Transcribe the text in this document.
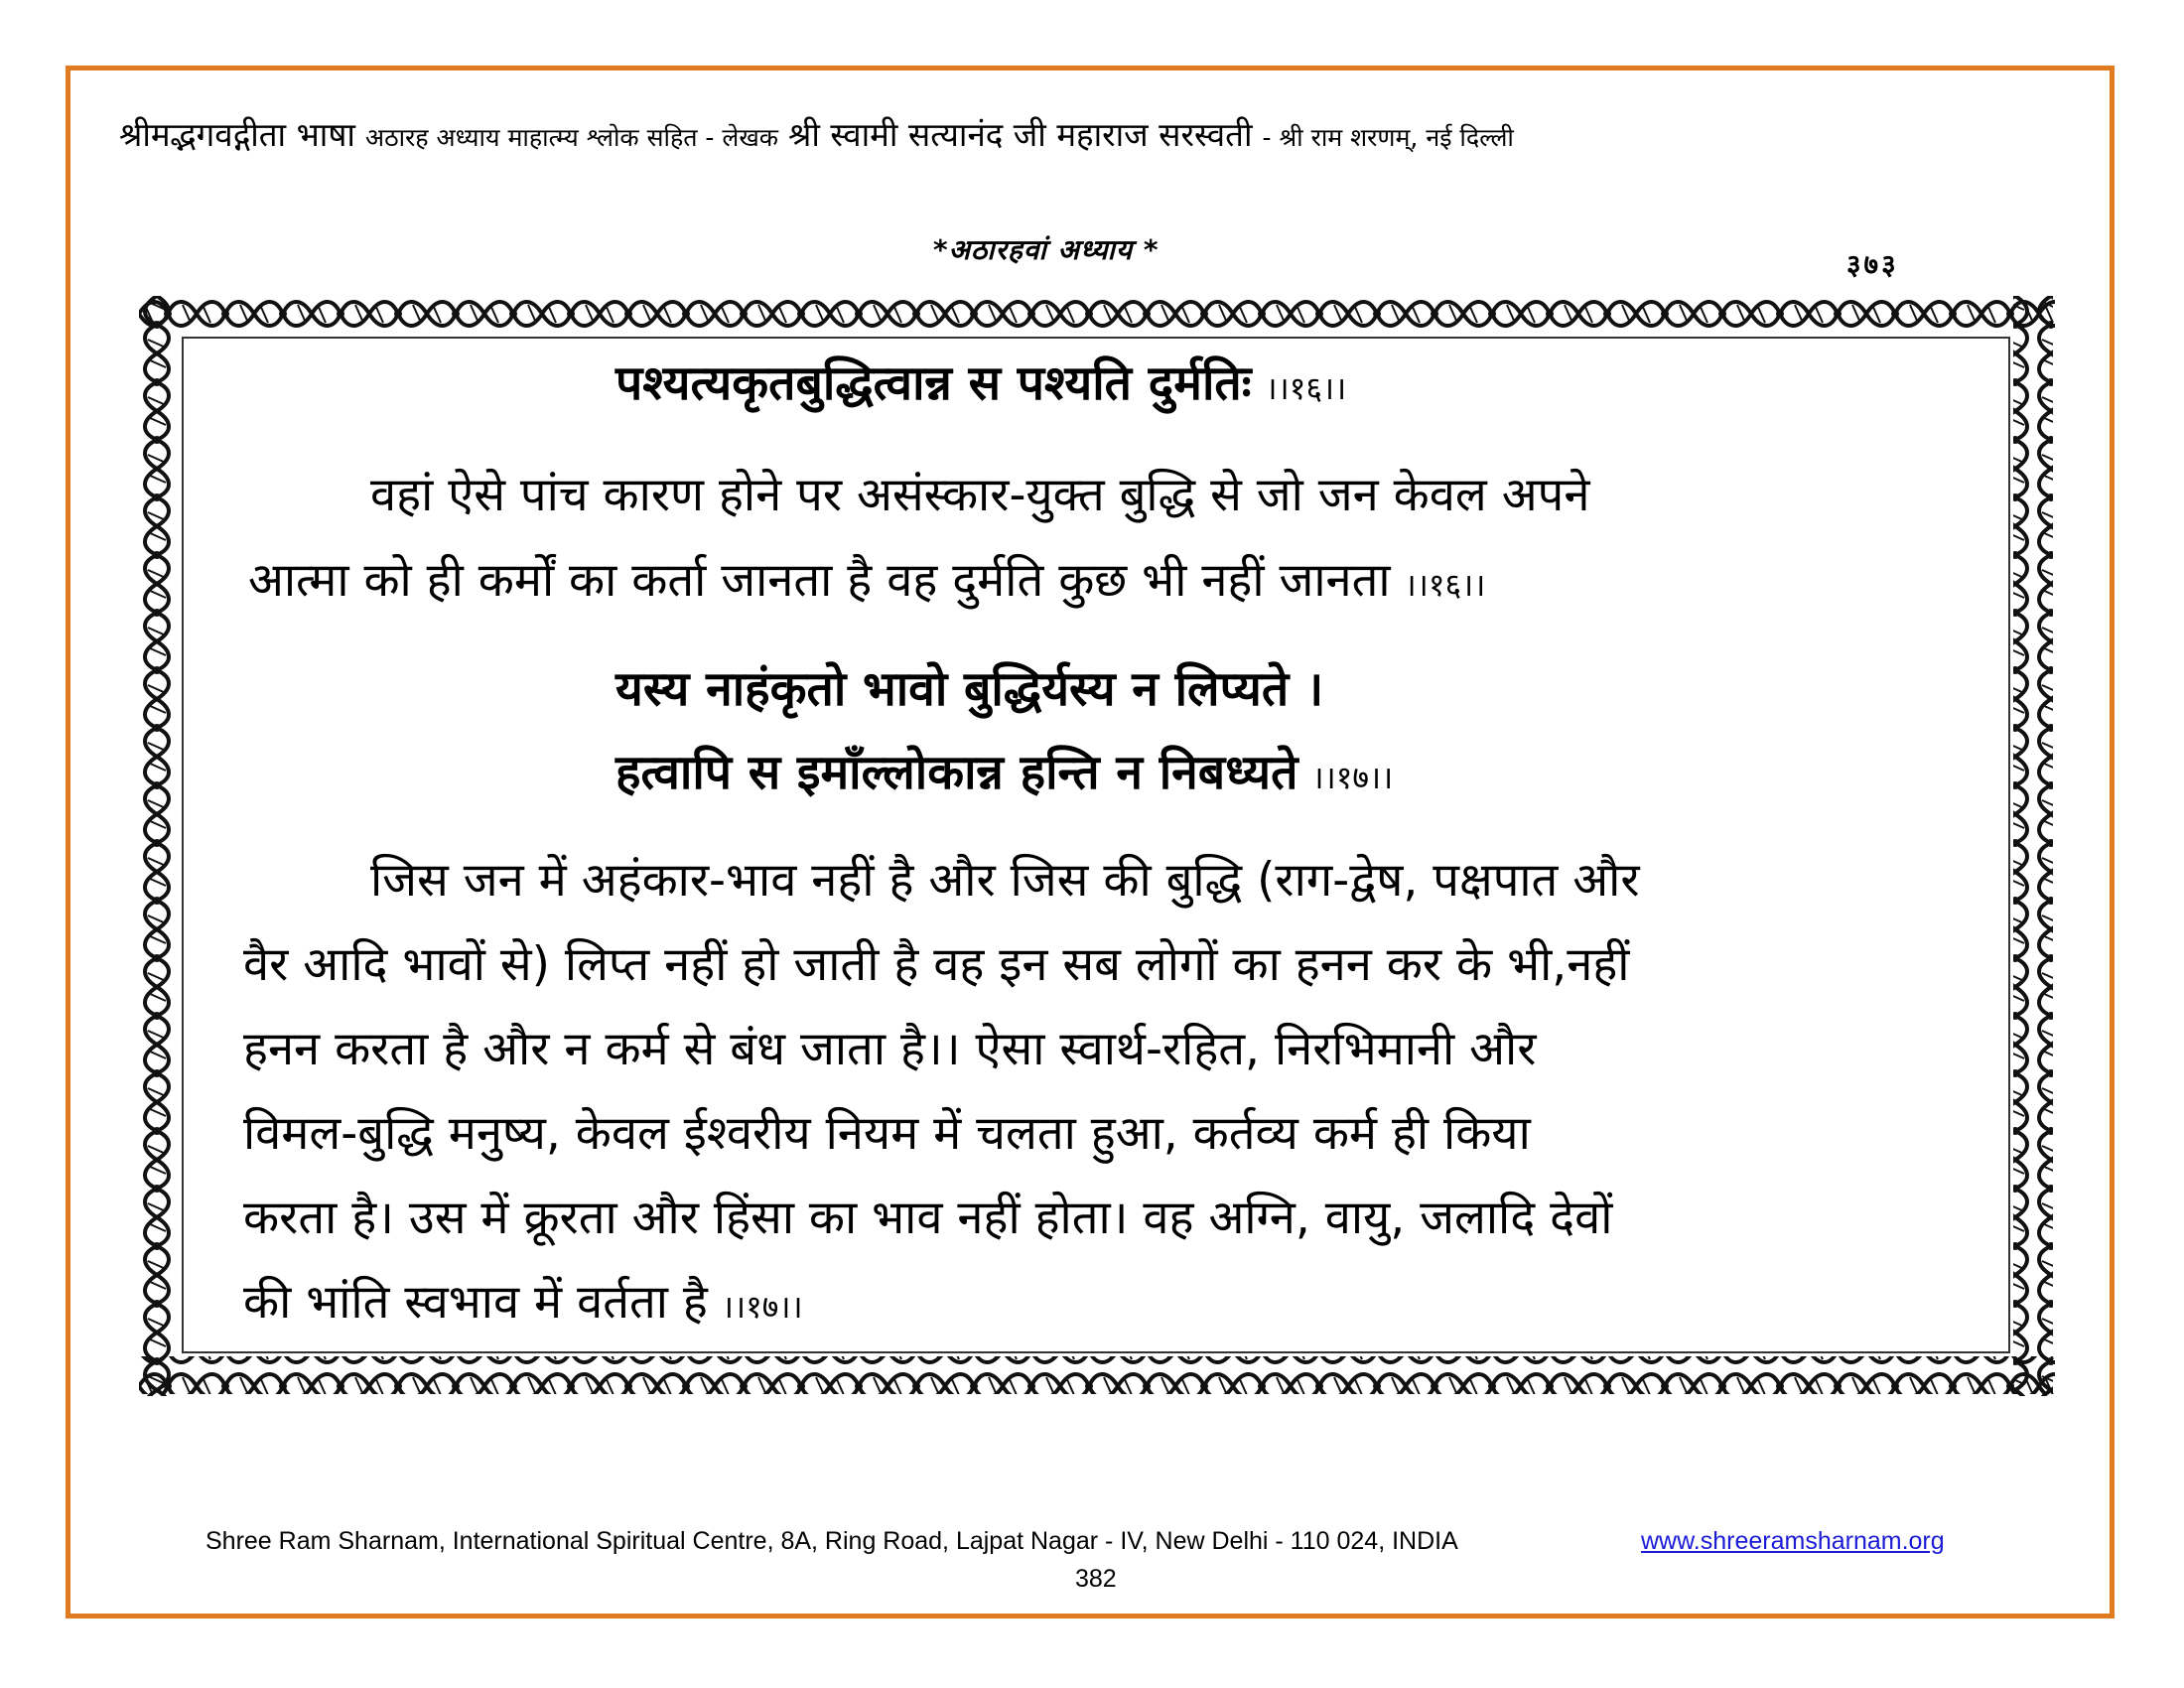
श्रीमद्भगवद्गीता भाषा अठारह अध्याय माहात्म्य श्लोक सहित - लेखक श्री स्वामी सत्यानंद जी महाराज सरस्वती - श्री राम शरणम्, नई दिल्ली
*अठारहवां अध्याय *	३७३
पश्यत्यकृतबुद्धित्वान्न स पश्यति दुर्मतिः ।।१६।।
वहां ऐसे पांच कारण होने पर असंस्कार-युक्त बुद्धि से जो जन केवल अपने
आत्मा को ही कर्मों का कर्ता जानता है वह दुर्मति कुछ भी नहीं जानता ।।१६।।
यस्य नाहंकृतो भावो बुद्धिर्यस्य न लिप्यते ।
हत्वापि स इमाँल्लोकान्न हन्ति न निबध्यते ।।१७।।
जिस जन में अहंकार-भाव नहीं है और जिस की बुद्धि (राग-द्वेष, पक्षपात और
वैर आदि भावों से) लिप्त नहीं हो जाती है वह इन सब लोगों का हनन कर के भी,नहीं
हनन करता है और न कर्म से बंध जाता है।। ऐसा स्वार्थ-रहित, निरभिमानी और
विमल-बुद्धि मनुष्य, केवल ईश्वरीय नियम में चलता हुआ, कर्तव्य कर्म ही किया
करता है। उस में क्रूरता और हिंसा का भाव नहीं होता। वह अग्नि, वायु, जलादि देवों
की भांति स्वभाव में वर्तता है ।।१७।।
Shree Ram Sharnam, International Spiritual Centre, 8A, Ring Road, Lajpat Nagar - IV, New Delhi - 110 024, INDIA	www.shreeramsharnam.org
382
